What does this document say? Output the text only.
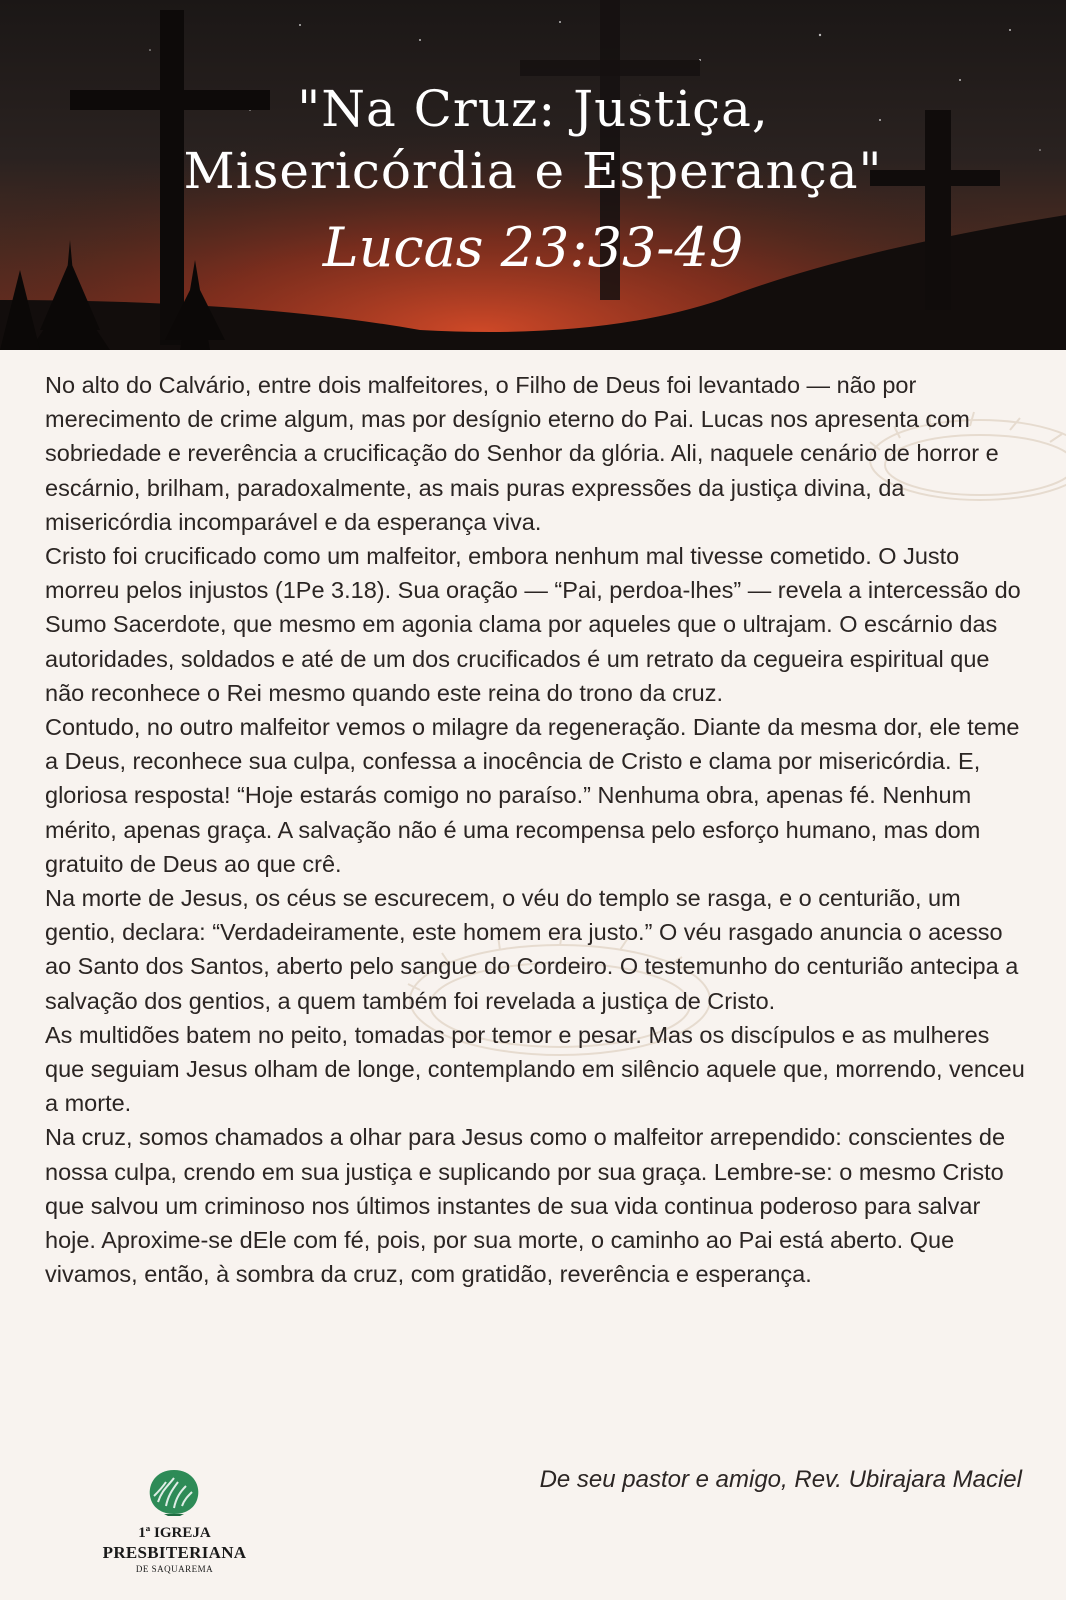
"Na Cruz: Justiça,
Misericórdia e Esperança"
Lucas 23:33-49

No alto do Calvário, entre dois malfeitores, o Filho de Deus foi levantado — não por merecimento de crime algum, mas por desígnio eterno do Pai. Lucas nos apresenta com sobriedade e reverência a crucificação do Senhor da glória. Ali, naquele cenário de horror e escárnio, brilham, paradoxalmente, as mais puras expressões da justiça divina, da misericórdia incomparável e da esperança viva.

Cristo foi crucificado como um malfeitor, embora nenhum mal tivesse cometido. O Justo morreu pelos injustos (1Pe 3.18). Sua oração — “Pai, perdoa-lhes” — revela a intercessão do Sumo Sacerdote, que mesmo em agonia clama por aqueles que o ultrajam. O escárnio das autoridades, soldados e até de um dos crucificados é um retrato da cegueira espiritual que não reconhece o Rei mesmo quando este reina do trono da cruz.

Contudo, no outro malfeitor vemos o milagre da regeneração. Diante da mesma dor, ele teme a Deus, reconhece sua culpa, confessa a inocência de Cristo e clama por misericórdia. E, gloriosa resposta! “Hoje estarás comigo no paraíso.” Nenhuma obra, apenas fé. Nenhum mérito, apenas graça. A salvação não é uma recompensa pelo esforço humano, mas dom gratuito de Deus ao que crê.

Na morte de Jesus, os céus se escurecem, o véu do templo se rasga, e o centurião, um gentio, declara: “Verdadeiramente, este homem era justo.” O véu rasgado anuncia o acesso ao Santo dos Santos, aberto pelo sangue do Cordeiro. O testemunho do centurião antecipa a salvação dos gentios, a quem também foi revelada a justiça de Cristo.

As multidões batem no peito, tomadas por temor e pesar. Mas os discípulos e as mulheres que seguiam Jesus olham de longe, contemplando em silêncio aquele que, morrendo, venceu a morte.

Na cruz, somos chamados a olhar para Jesus como o malfeitor arrependido: conscientes de nossa culpa, crendo em sua justiça e suplicando por sua graça. Lembre-se: o mesmo Cristo que salvou um criminoso nos últimos instantes de sua vida continua poderoso para salvar hoje. Aproxime-se dEle com fé, pois, por sua morte, o caminho ao Pai está aberto. Que vivamos, então, à sombra da cruz, com gratidão, reverência e esperança.

De seu pastor e amigo, Rev. Ubirajara Maciel
1ª IGREJA
PRESBITERIANA
DE SAQUAREMA
